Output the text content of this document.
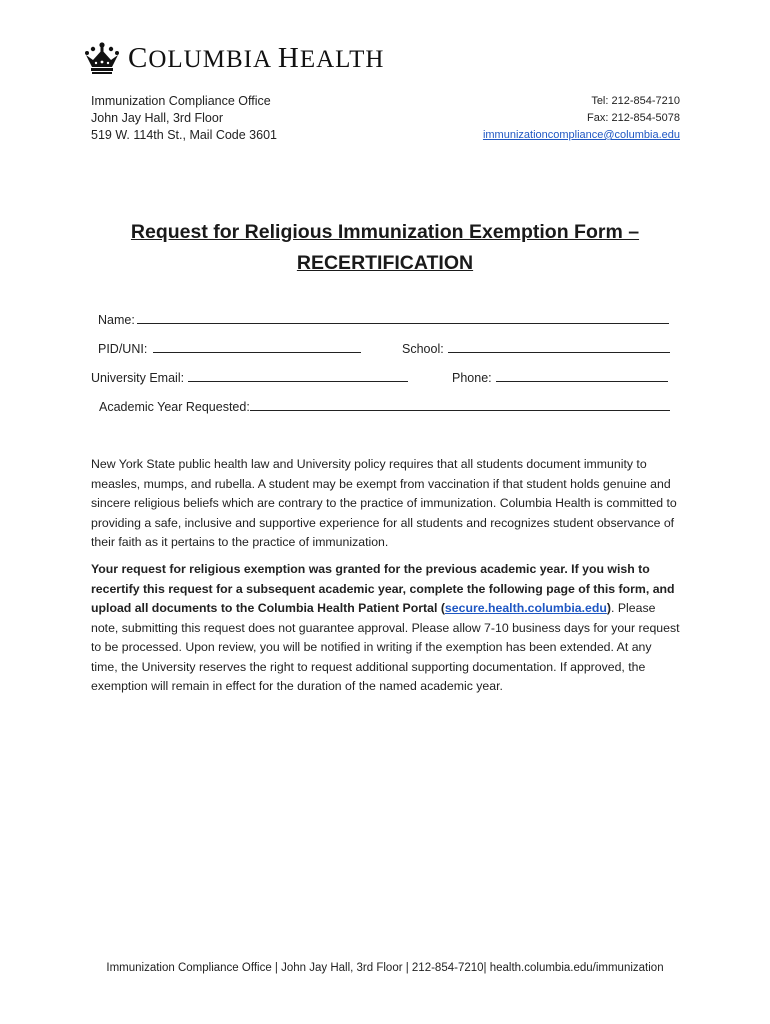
COLUMBIA HEALTH
Immunization Compliance Office
John Jay Hall, 3rd Floor
519 W. 114th St., Mail Code 3601
Tel: 212-854-7210
Fax: 212-854-5078
immunizationcompliance@columbia.edu
Request for Religious Immunization Exemption Form –
RECERTIFICATION
Name:
PID/UNI:	School:
University Email:	Phone:
Academic Year Requested:
New York State public health law and University policy requires that all students document immunity to measles, mumps, and rubella. A student may be exempt from vaccination if that student holds genuine and sincere religious beliefs which are contrary to the practice of immunization. Columbia Health is committed to providing a safe, inclusive and supportive experience for all students and recognizes student observance of their faith as it pertains to the practice of immunization.
Your request for religious exemption was granted for the previous academic year. If you wish to recertify this request for a subsequent academic year, complete the following page of this form, and upload all documents to the Columbia Health Patient Portal (secure.health.columbia.edu). Please note, submitting this request does not guarantee approval. Please allow 7-10 business days for your request to be processed. Upon review, you will be notified in writing if the exemption has been extended. At any time, the University reserves the right to request additional supporting documentation. If approved, the exemption will remain in effect for the duration of the named academic year.
Immunization Compliance Office | John Jay Hall, 3rd Floor | 212-854-7210| health.columbia.edu/immunization
